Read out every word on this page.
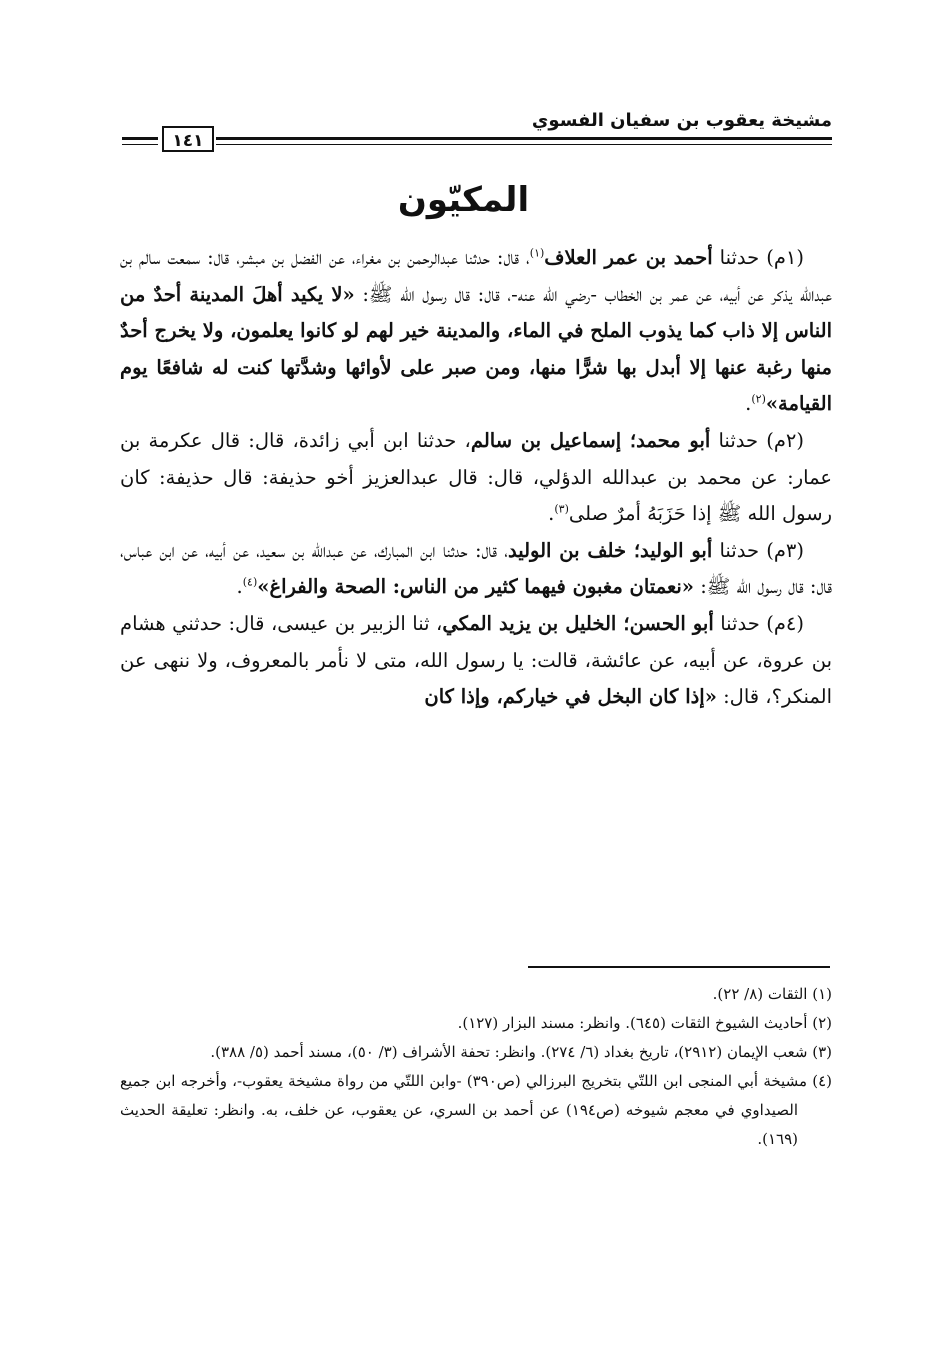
مشيخة يعقوب بن سفيان الفسوي
١٤١
المكيّون

(١م) حدثنا أحمد بن عمر العلاف$^{(١)}$، قال: حدثنا عبدالرحمن بن مغراء، عن الفضل بن مبشر، قال: سمعت سالم بن عبدالله يذكر عن أبيه، عن عمر بن الخطاب -رضي الله عنه-، قال: قال رسول الله ﷺ: «لا يكيد أهلَ المدينة أحدٌ من الناس إلا ذاب كما يذوب الملح في الماء، والمدينة خير لهم لو كانوا يعلمون، ولا يخرج أحدٌ منها رغبة عنها إلا أبدل بها شرًّا منها، ومن صبر على لأوائها وشدَّتها كنت له شافعًا يوم القيامة»$^{(٢)}$.

(٢م) حدثنا أبو محمد؛ إسماعيل بن سالم، حدثنا ابن أبي زائدة، قال: قال عكرمة بن عمار: عن محمد بن عبدالله الدؤلي، قال: قال عبدالعزيز أخو حذيفة: قال حذيفة: كان رسول الله ﷺ إذا حَزَبَهُ أمرٌ صلى$^{(٣)}$.

(٣م) حدثنا أبو الوليد؛ خلف بن الوليد، قال: حدثنا ابن المبارك، عن عبدالله بن سعيد، عن أبيه، عن ابن عباس، قال: قال رسول الله ﷺ: «نعمتان مغبون فيهما كثير من الناس: الصحة والفراغ»$^{(٤)}$.

(٤م) حدثنا أبو الحسن؛ الخليل بن يزيد المكي، ثنا الزبير بن عيسى، قال: حدثني هشام بن عروة، عن أبيه، عن عائشة، قالت: يا رسول الله، متى لا نأمر بالمعروف، ولا ننهى عن المنكر؟، قال: «إذا كان البخل في خياركم، وإذا كان

(١) الثقات (٨/ ٢٢).

(٢) أحاديث الشيوخ الثقات (٦٤٥). وانظر: مسند البزار (١٢٧).

(٣) شعب الإيمان (٢٩١٢)، تاريخ بغداد (٦/ ٢٧٤). وانظر: تحفة الأشراف (٣/ ٥٠)، مسند أحمد (٥/ ٣٨٨).

(٤) مشيخة أبي المنجى ابن اللتّي بتخريج البرزالي (ص٣٩٠) -وابن اللتّي من رواة مشيخة يعقوب-، وأخرجه ابن جميع الصيداوي في معجم شيوخه (ص١٩٤) عن أحمد بن السري، عن يعقوب، عن خلف، به. وانظر: تعليقة الحديث (١٦٩).
